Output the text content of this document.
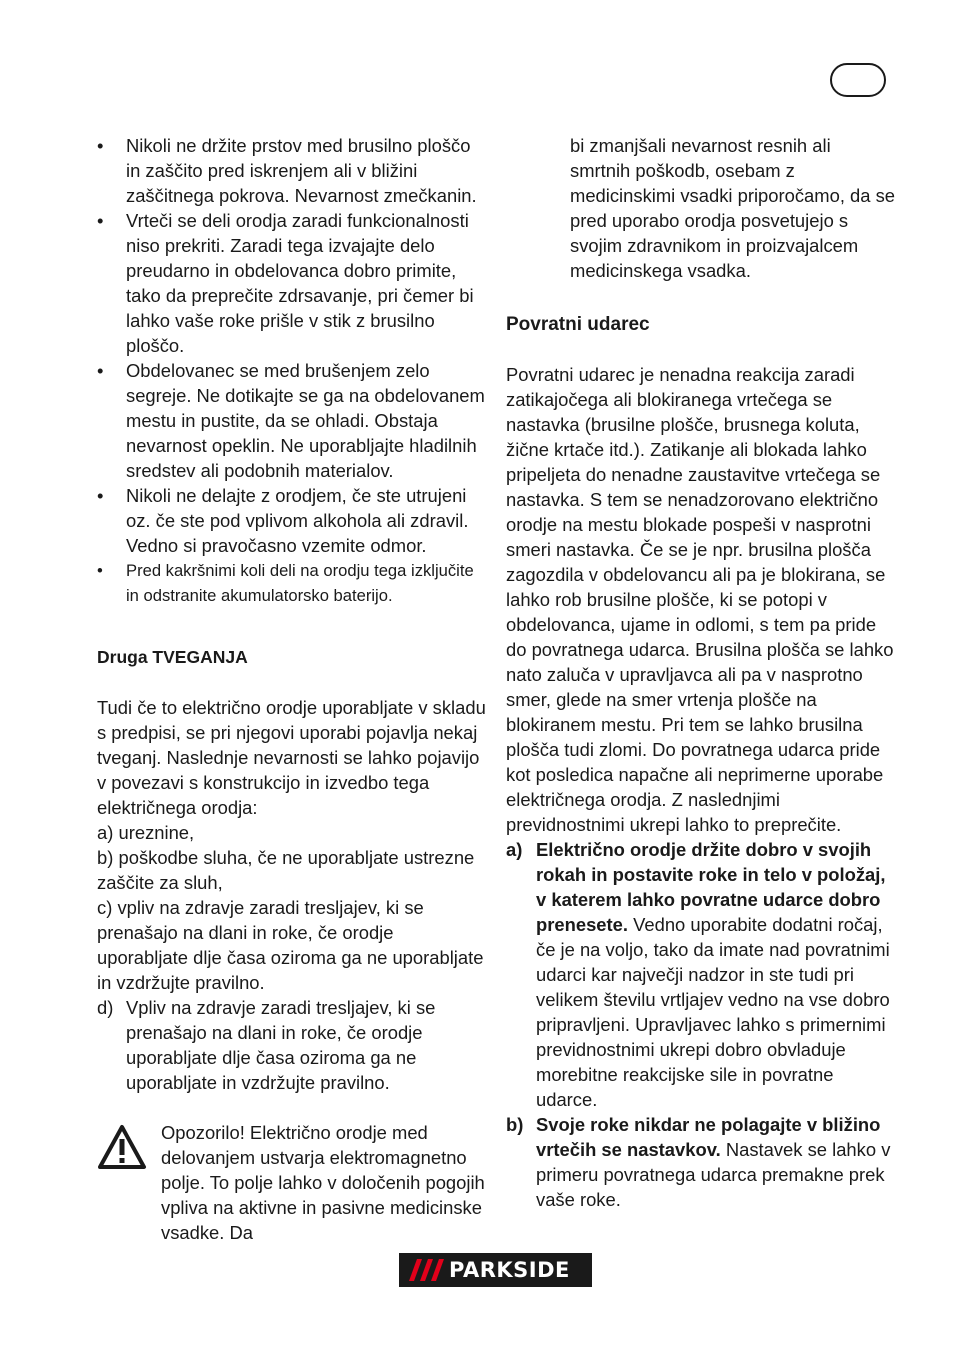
• Nikoli ne držite prstov med brusilno ploščo in zaščito pred iskrenjem ali v bližini zaščitnega pokrova. Nevarnost zmečkanin.
• Vrteči se deli orodja zaradi funkcionalnosti niso prekriti. Zaradi tega izvajajte delo preudarno in obdelovanca dobro primite, tako da preprečite zdrsavanje, pri čemer bi lahko vaše roke prišle v stik z brusilno ploščo.
• Obdelovanec se med brušenjem zelo segreje. Ne dotikajte se ga na obdelovanem mestu in pustite, da se ohladi. Obstaja nevarnost opeklin. Ne uporabljajte hladilnih sredstev ali podobnih materialov.
• Nikoli ne delajte z orodjem, če ste utrujeni oz. če ste pod vplivom alkohola ali zdravil. Vedno si pravočasno vzemite odmor.
• Pred kakršnimi koli deli na orodju tega izključite in odstranite akumulatorsko baterijo.
Druga TVEGANJA

Tudi če to električno orodje uporabljate v skladu s predpisi, se pri njegovi uporabi pojavlja nekaj tveganj. Naslednje nevarnosti se lahko pojavijo v povezavi s konstrukcijo in izvedbo tega električnega orodja:

a) ureznine,
b) poškodbe sluha, če ne uporabljate ustrezne zaščite za sluh,
c) vpliv na zdravje zaradi tresljajev, ki se prenašajo na dlani in roke, če orodje uporabljate dlje časa oziroma ga ne uporabljate in vzdržujte pravilno.
d) Vpliv na zdravje zaradi tresljajev, ki se prenašajo na dlani in roke, če orodje uporabljate dlje časa oziroma ga ne uporabljate in vzdržujte pravilno.

Opozorilo! Električno orodje med delovanjem ustvarja elektromagnetno polje. To polje lahko v določenih pogojih vpliva na aktivne in pasivne medicinske vsadke. Da

bi zmanjšali nevarnost resnih ali smrtnih poškodb, osebam z medicinskimi vsadki priporočamo, da se pred uporabo orodja posvetujejo s svojim zdravnikom in proizvajalcem medicinskega vsadka.

Povratni udarec

Povratni udarec je nenadna reakcija zaradi zatikajočega ali blokiranega vrtečega se nastavka (brusilne plošče, brusnega koluta, žične krtače itd.). Zatikanje ali blokada lahko pripeljeta do nenadne zaustavitve vrtečega se nastavka. S tem se nenadzorovano električno orodje na mestu blokade pospeši v nasprotni smeri nastavka. Če se je npr. brusilna plošča zagozdila v obdelovancu ali pa je blokirana, se lahko rob brusilne plošče, ki se potopi v obdelovanca, ujame in odlomi, s tem pa pride do povratnega udarca. Brusilna plošča se lahko nato zaluča v upravljavca ali pa v nasprotno smer, glede na smer vrtenja plošče na blokiranem mestu. Pri tem se lahko brusilna plošča tudi zlomi. Do povratnega udarca pride kot posledica napačne ali neprimerne uporabe električnega orodja. Z naslednjimi previdnostnimi ukrepi lahko to preprečite.

a) Električno orodje držite dobro v svojih rokah in postavite roke in telo v položaj, v katerem lahko povratne udarce dobro prenesete. Vedno uporabite dodatni ročaj, če je na voljo, tako da imate nad povratnimi udarci kar največji nadzor in ste tudi pri velikem številu vrtljajev vedno na vse dobro pripravljeni. Upravljavec lahko s primernimi previdnostnimi ukrepi dobro obvladuje morebitne reakcijske sile in povratne udarce.
b) Svoje roke nikdar ne polagajte v bližino vrtečih se nastavkov. Nastavek se lahko v primeru povratnega udarca premakne prek vaše roke.
PARKSIDE
